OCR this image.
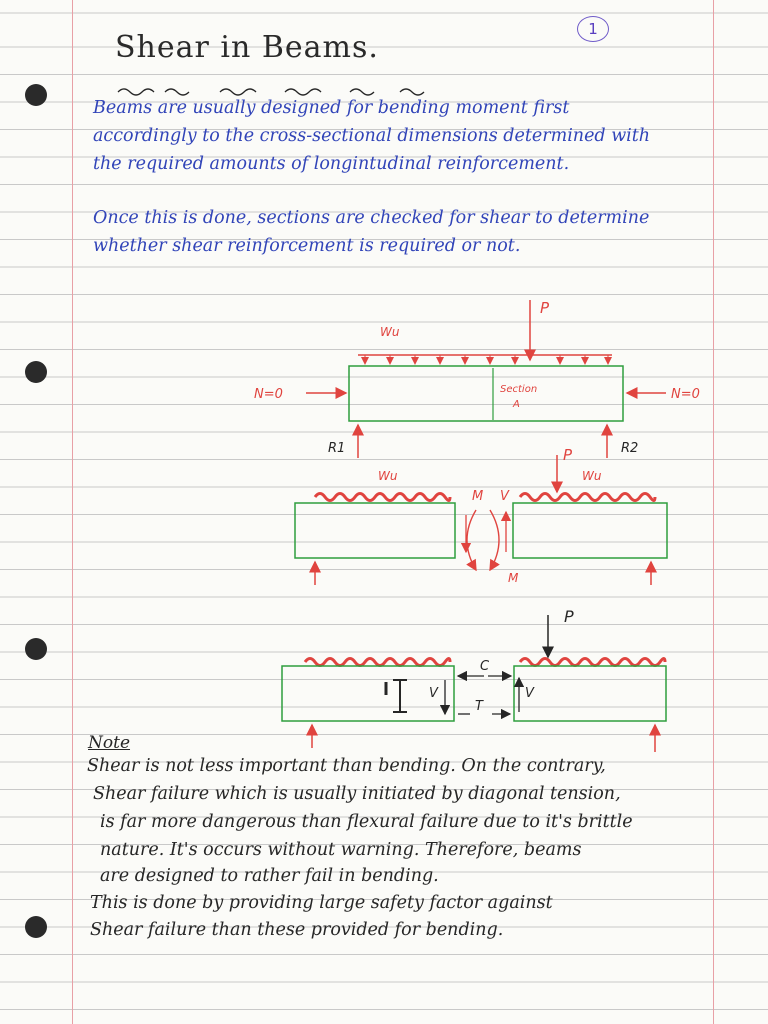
1
Shear in Beams.
Beams are usually designed for bending moment first
accordingly to the cross-sectional dimensions determined with
the required amounts of longintudinal reinforcement.
Once this is done, sections are checked for shear to determine
whether shear reinforcement is required or not.
Wu
P
N=0	N=0
Section
A
R1	R2
Wu	Wu
P
M V
M
P
V	V
C
T
Note
Shear is not less important than bending. On the contrary,
Shear failure which is usually initiated by diagonal tension,
is far more dangerous than flexural failure due to it's brittle
nature. It's occurs without warning. Therefore, beams
are designed to rather fail in bending.
This is done by providing large safety factor against
Shear failure than these provided for bending.
